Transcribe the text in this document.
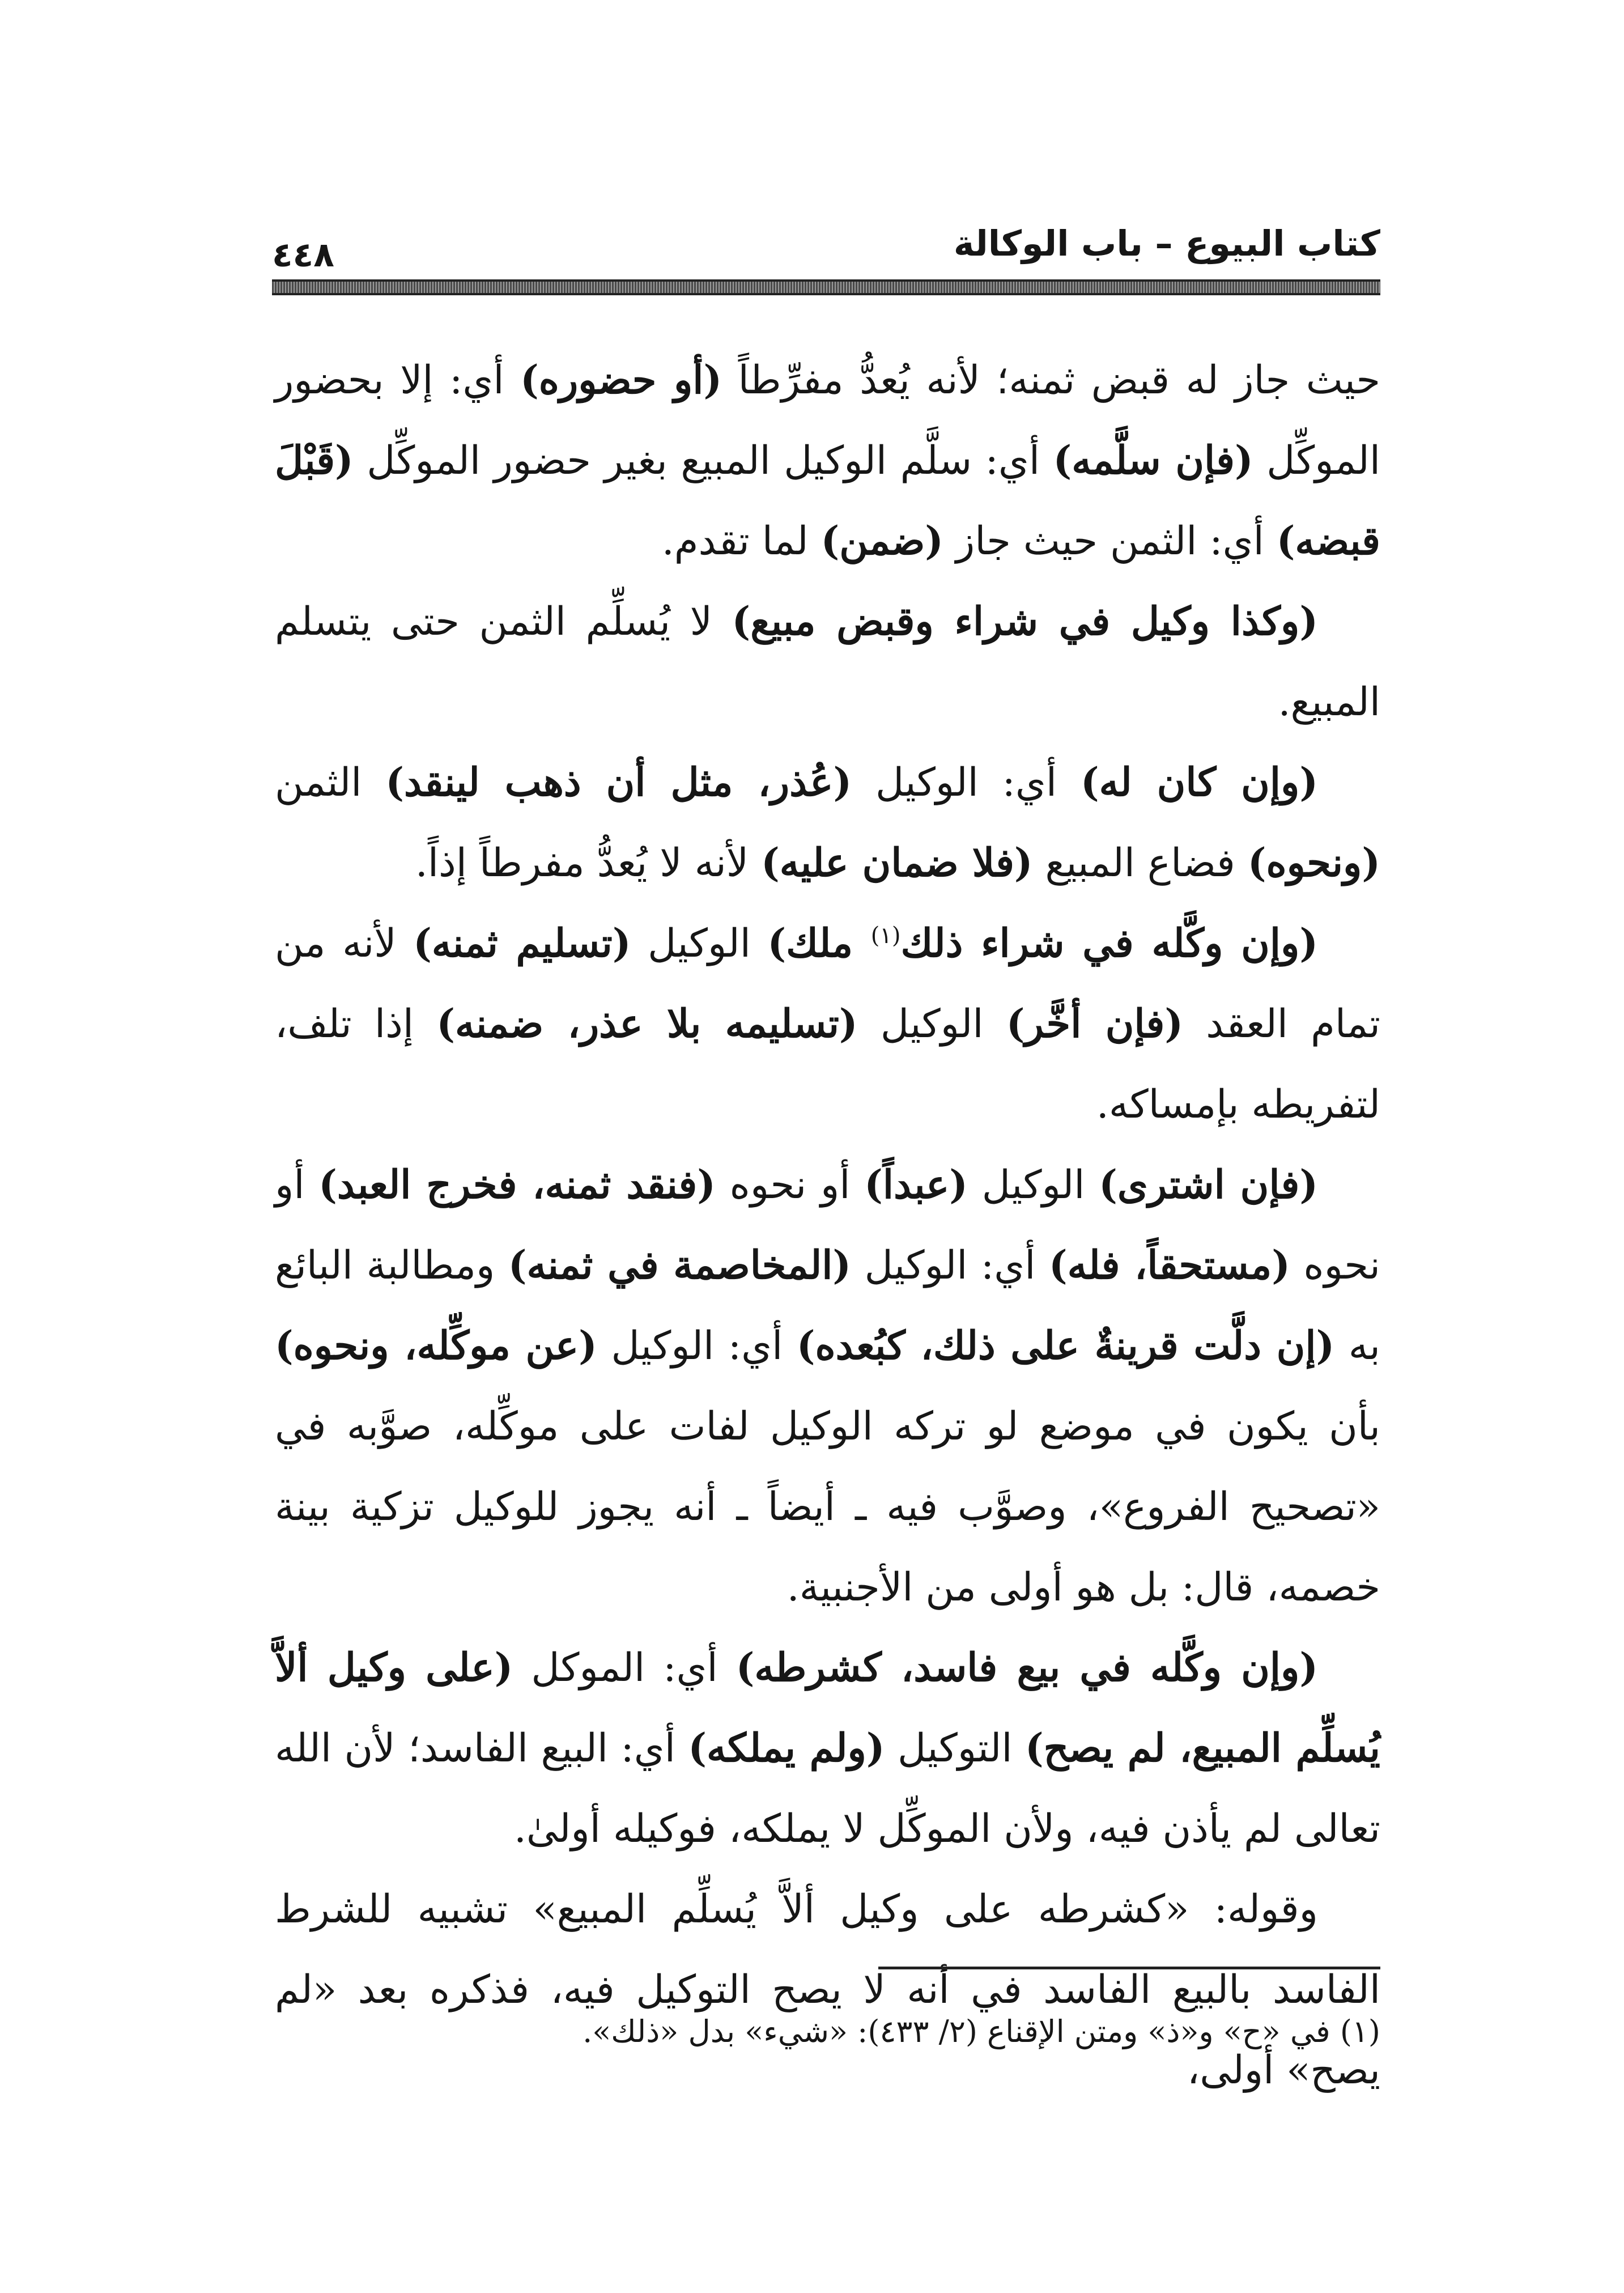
كتاب البيوع – باب الوكالة
٤٤٨

حيث جاز له قبض ثمنه؛ لأنه يُعدُّ مفرِّطاً (أو حضوره) أي: إلا بحضور الموكِّل (فإن سلَّمه) أي: سلَّم الوكيل المبيع بغير حضور الموكِّل (قَبْلَ قبضه) أي: الثمن حيث جاز (ضمن) لما تقدم.

(وكذا وكيل في شراء وقبض مبيع) لا يُسلِّم الثمن حتى يتسلم المبيع.

(وإن كان له) أي: الوكيل (عُذر، مثل أن ذهب لينقد) الثمن (ونحوه) فضاع المبيع (فلا ضمان عليه) لأنه لا يُعدُّ مفرطاً إذاً.

(وإن وكَّله في شراء ذلك$^{(١)}$ ملك) الوكيل (تسليم ثمنه) لأنه من تمام العقد (فإن أخَّر) الوكيل (تسليمه بلا عذر، ضمنه) إذا تلف، لتفريطه بإمساكه.

(فإن اشترى) الوكيل (عبداً) أو نحوه (فنقد ثمنه، فخرج العبد) أو نحوه (مستحقاً، فله) أي: الوكيل (المخاصمة في ثمنه) ومطالبة البائع به (إن دلَّت قرينةٌ على ذلك، كبُعده) أي: الوكيل (عن موكِّله، ونحوه) بأن يكون في موضع لو تركه الوكيل لفات على موكِّله، صوَّبه في «تصحيح الفروع»، وصوَّب فيه ـ أيضاً ـ أنه يجوز للوكيل تزكية بينة خصمه، قال: بل هو أولى من الأجنبية.

(وإن وكَّله في بيع فاسد، كشرطه) أي: الموكل (على وكيل ألاَّ يُسلِّم المبيع، لم يصح) التوكيل (ولم يملكه) أي: البيع الفاسد؛ لأن الله تعالى لم يأذن فيه، ولأن الموكِّل لا يملكه، فوكيله أولىٰ.

وقوله: «كشرطه على وكيل ألاَّ يُسلِّم المبيع» تشبيه للشرط الفاسد بالبيع الفاسد في أنه لا يصح التوكيل فيه، فذكره بعد «لم يصح» أولى،

(١) في «ح» و«ذ» ومتن الإقناع (٢/ ٤٣٣): «شيء» بدل «ذلك».
